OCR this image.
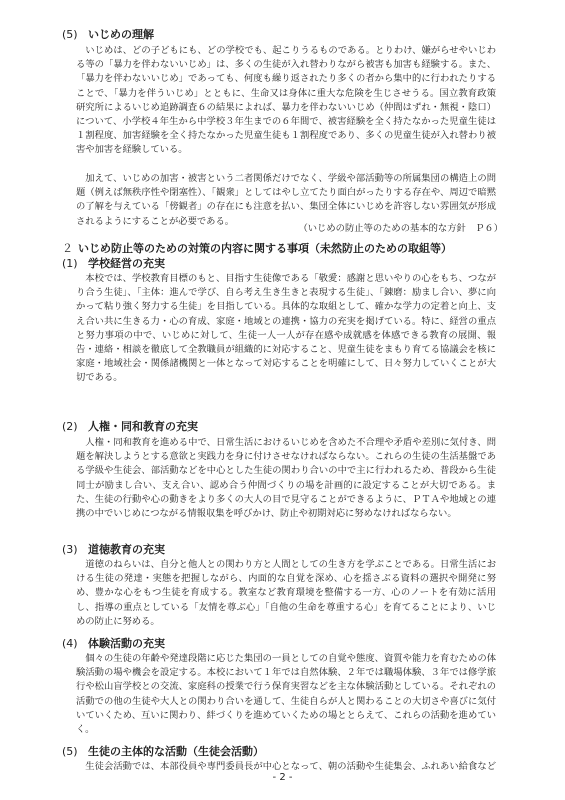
(5) いじめの理解

いじめは、どの子どもにも、どの学校でも、起こりうるものである。とりわけ、嫌がらせやいじわる等の「暴力を伴わないいじめ」は、多くの生徒が入れ替わりながら被害も加害も経験する。また、「暴力を伴わないいじめ」であっても、何度も繰り返されたり多くの者から集中的に行われたりすることで、「暴力を伴ういじめ」とともに、生命又は身体に重大な危険を生じさせうる。国立教育政策研究所によるいじめ追跡調査６の結果によれば、暴力を伴わないいじめ（仲間はずれ・無視・陰口）について、小学校４年生から中学校３年生までの６年間で、被害経験を全く持たなかった児童生徒は１割程度、加害経験を全く持たなかった児童生徒も１割程度であり、多くの児童生徒が入れ替わり被害や加害を経験している。

加えて、いじめの加害・被害という二者関係だけでなく、学級や部活動等の所属集団の構造上の問題（例えば無秩序性や閉塞性）、「観衆」としてはやし立てたり面白がったりする存在や、周辺で暗黙の了解を与えている「傍観者」の存在にも注意を払い、集団全体にいじめを許容しない雰囲気が形成されるようにすることが必要である。

（いじめの防止等のための基本的な方針　Ｐ６）
２ いじめ防止等のための対策の内容に関する事項（未然防止のための取組等）
(1) 学校経営の充実

本校では、学校教育目標のもと、目指す生徒像である「敬愛：感謝と思いやりの心をもち、つながり合う生徒」、「主体：進んで学び、自ら考え生き生きと表現する生徒」、「錬磨：励まし合い、夢に向かって粘り強く努力する生徒」を目指している。具体的な取組として、確かな学力の定着と向上、支え合い共に生きる力・心の育成、家庭・地域との連携・協力の充実を掲げている。特に、経営の重点と努力事項の中で、いじめに対して、生徒一人一人が存在感や成就感を体感できる教育の展開、報告・連絡・相談を徹底して全教職員が組織的に対応すること、児童生徒をまもり育てる協議会を核に家庭・地域社会・関係諸機関と一体となって対応することを明確にして、日々努力していくことが大切である。

(2) 人権・同和教育の充実

人権・同和教育を進める中で、日常生活におけるいじめを含めた不合理や矛盾や差別に気付き、問題を解決しようとする意欲と実践力を身に付けさせなければならない。これらの生徒の生活基盤である学級や生徒会、部活動などを中心とした生徒の関わり合いの中で主に行われるため、普段から生徒同士が励まし合い、支え合い、認め合う仲間づくりの場を計画的に設定することが大切である。また、生徒の行動や心の動きをより多くの大人の目で見守ることができるように、ＰＴＡや地域との連携の中でいじめにつながる情報収集を呼びかけ、防止や初期対応に努めなければならない。

(3) 道徳教育の充実

道徳のねらいは、自分と他人との関わり方と人間としての生き方を学ぶことである。日常生活における生徒の発達・実態を把握しながら、内面的な自覚を深め、心を揺さぶる資料の選択や開発に努め、豊かな心をもつ生徒を育成する。教室など教育環境を整備する一方、心のノートを有効に活用し、指導の重点としている「友情を尊ぶ心」「自他の生命を尊重する心」を育てることにより、いじめの防止に努める。

(4) 体験活動の充実

個々の生徒の年齢や発達段階に応じた集団の一員としての自覚や態度、資質や能力を育むための体験活動の場や機会を設定する。本校において１年では自然体験、２年では職場体験、３年では修学旅行や松山盲学校との交流、家庭科の授業で行う保育実習などを主な体験活動としている。それぞれの活動での他の生徒や大人との関わり合いを通して、生徒自らが人と関わることの大切さや喜びに気付いていくため、互いに関わり、絆づくりを進めていくための場ととらえて、これらの活動を進めていく。

(5) 生徒の主体的な活動（生徒会活動）

生徒会活動では、本部役員や専門委員長が中心となって、朝の活動や生徒集会、ふれあい給食など

- 2 -
